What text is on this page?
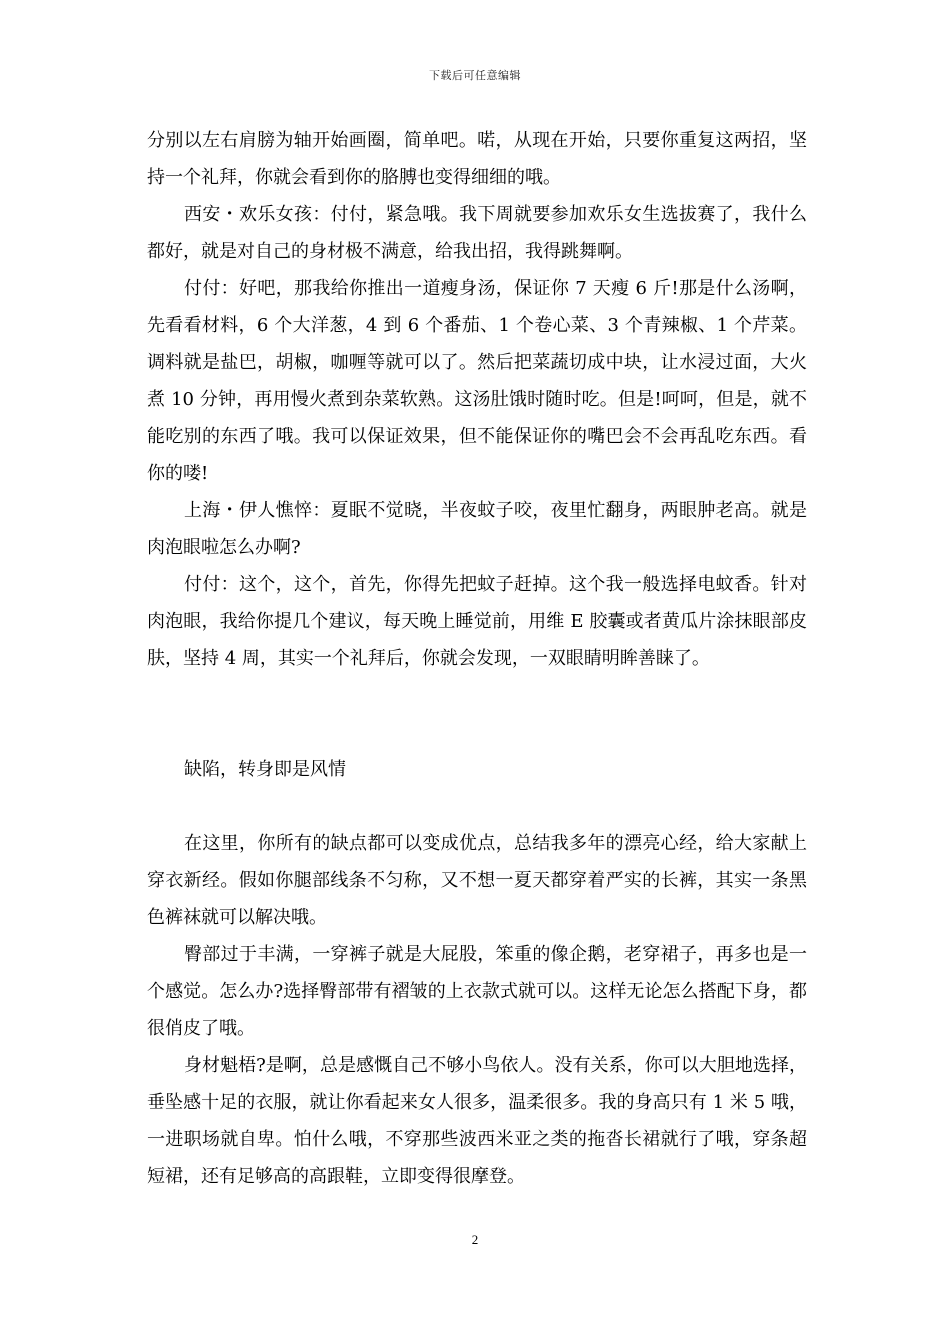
下载后可任意编辑

分别以左右肩膀为轴开始画圈，简单吧。喏，从现在开始，只要你重复这两招，坚持一个礼拜，你就会看到你的胳膊也变得细细的哦。

西安・欢乐女孩：付付，紧急哦。我下周就要参加欢乐女生选拔赛了，我什么都好，就是对自己的身材极不满意，给我出招，我得跳舞啊。

付付：好吧，那我给你推出一道瘦身汤，保证你 7 天瘦 6 斤!那是什么汤啊，先看看材料，6 个大洋葱，4 到 6 个番茄、1 个卷心菜、3 个青辣椒、1 个芹菜。调料就是盐巴，胡椒，咖喱等就可以了。然后把菜蔬切成中块，让水浸过面，大火煮 10 分钟，再用慢火煮到杂菜软熟。这汤肚饿时随时吃。但是!呵呵，但是，就不能吃别的东西了哦。我可以保证效果，但不能保证你的嘴巴会不会再乱吃东西。看你的喽!

上海・伊人憔悴：夏眠不觉晓，半夜蚊子咬，夜里忙翻身，两眼肿老高。就是肉泡眼啦怎么办啊?

付付：这个，这个，首先，你得先把蚊子赶掉。这个我一般选择电蚊香。针对肉泡眼，我给你提几个建议，每天晚上睡觉前，用维 E 胶囊或者黄瓜片涂抹眼部皮肤，坚持 4 周，其实一个礼拜后，你就会发现，一双眼睛明眸善睐了。

缺陷，转身即是风情

在这里，你所有的缺点都可以变成优点，总结我多年的漂亮心经，给大家献上穿衣新经。假如你腿部线条不匀称，又不想一夏天都穿着严实的长裤，其实一条黑色裤袜就可以解决哦。

臀部过于丰满，一穿裤子就是大屁股，笨重的像企鹅，老穿裙子，再多也是一个感觉。怎么办?选择臀部带有褶皱的上衣款式就可以。这样无论怎么搭配下身，都很俏皮了哦。

身材魁梧?是啊，总是感慨自己不够小鸟依人。没有关系，你可以大胆地选择，垂坠感十足的衣服，就让你看起来女人很多，温柔很多。我的身高只有 1 米 5 哦，一进职场就自卑。怕什么哦，不穿那些波西米亚之类的拖沓长裙就行了哦，穿条超短裙，还有足够高的高跟鞋，立即变得很摩登。

2
